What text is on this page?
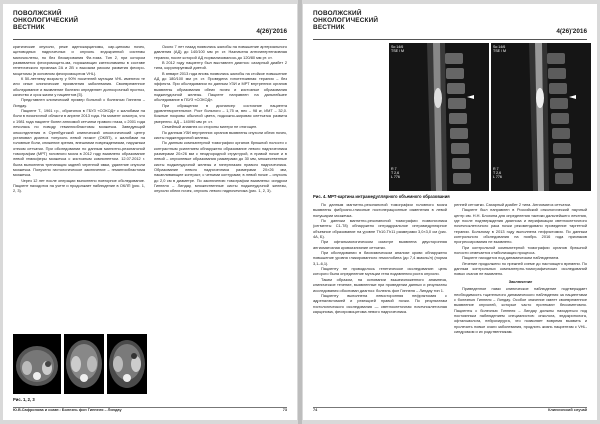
ПОВОЛЖСКИЙ
ОНКОЛОГИЧЕСКИЙ
ВЕСТНИК
4(26)'2016

кратические опухоли, реже аденокарциномы, кар-циномы почек, щитовидных надпочечных и опухоль эндокринной системы малочислены, но без блокирования Фи-тома. Тип 2, при котором развивается феохромоцито-ма, поражающих катехоламины в составе генетического признака 2А и 2В с высоким риском развития феохро-моцитомы (в основном феохромоцитом VHL).

К 50-летнему возрасту у 90% носителей мутации VHL имеются те или иные клинические проявления заболевания. Своевременное обследование и выявление болезни определяет долгосрочный прогноз, качество и срок жизни у пациентов [5].

Представлен клинический пример больной с болезнью Гиппеля – Линдау.

Пациент Т., 1961 г.р., обратился в ГБУЗ «СОКОД» с жалобами на боли в поясничной области в апреле 2013 года. На момент осмотра, что с 1981 года пациент болел ангиомой сетчатки правого глаза, с 2001 года лечилась по поводу гемангиобластомы мозжечка. Заведующий онкоотделения в Оренбургский клинический онкологический центр установил диагноз «опухоль левой почки» (ОКЛП), с жалобами на головные боли, снижение зрения, внешними повреждениями, наружным отеком сетчатки. При обследовании по данным магнитно-резонансной томографии (МРТ) головного мозга в 2012 году выявлено образование левой гемисферы мозжечка с кистозным компонентом. 12.07.2012 г. была выполнена трепанация задней черепной ямки, удаление опухоли мозжечка. Получено гистологическое заключение – гемангиобластома мозжечка.

Через 12 лет после операции выполнено повторное обследование. Пациент находится на учете и продолжает наблюдение в ОКЛП (рис. 1, 2, 3).

Около 7 лет назад появились жалобы на повышение артериального давления (АД) до 140/100 мм рт. ст. Назначена антигипертензивная терапия, после которой АД нормализовалось до 120/80 мм рт. ст.

В 2012 году пациенту был выставлен диагноз: сахарный диабет 2 типа, корригируемый диетой.

В январе 2013 года вновь появились жалобы на стойкое повышение АД до 180/100 мм рт. ст. Проведена гипотензивная терапия – без эффекта. При обследовании по данным УЗИ и МРТ внутренних органов выявлены образования обеих почек и кистозные образования поджелудочной железы. Пациент направлен на дальнейшее обследование в ГБУЗ «СОКОД».

При обращении в диспансер состояние пациента удовлетворительное. Рост больного – 1,75 м, вес – 98 кг, ИМТ – 32,0. Кожные покровы обычной цвета, подкожно-жировая клетчатка развита умеренно. АД – 140/90 мм рт. ст.

Семейный анамнез со стороны матери не отягощен.

По данным УЗИ внутренних органов выявлены опухоли обеих почек, кисты поджелудочной железы.

По данным компьютерной томографии органов брюшной полости с контрастным усилением обнаружено образование левого надпочечника размерами 20×26 мм с неоднородной структурой, в правой почке и в левой – опухолевые образования размерами до 30 мм, множественные кисты поджелудочной железы и гиперплазия правого надпочечника. Образование левого надпочечника размерами 20×26 мм, накапливающее контраст, с четкими контурами; в левой почке – опухоль до 2,0 см в диаметре. По заключению томографии выявлены: синдром Гиппеля – Линдау, множественные кисты поджелудочной железы, опухоли обеих почек, опухоль левого надпочечника (рис. 1, 2, 3).

Рис. 1, 2, 3
Ю.В.Сафронова и соавт.: Болезнь фон Гиппеля – Линдау	73
ПОВОЛЖСКИЙ
ОНКОЛОГИЧЕСКИЙ
ВЕСТНИК
4(26)'2016
Sc:14/6
TSE / M
R 7
T 2,6
L 776
Sc:14/6
TSE / M
R 7
T 2,6
L 776
Рис. 4. МРТ-картина интрамедуллярного объемного образования

По данным магнитно-резонансной томографии головного мозга выявлены фиброзно-глиозные постоперационные изменения в левой полушарии мозжечка.

По данным магнитно-резонансной томографии позвоночника (сегменты C1-Т8) обнаружено интрадуральное интрамедуллярное объемное образование на уровне Th10-Th11 размерами 3,0×3,0 см (рис. 4А, Б).

При офтальмологическом осмотре выявлена двусторонняя ангиоматозная кровоизлияние сетчатки.

При обследовании в биохимическом анализе крови обнаружено повышение уровня гликированного гемоглобина (до 7,4 ммоль/л) (норма 3,1–6,1).

Пациенту не проводилось генетическое исследование: цель которого была определение мутации гена подавления роста опухоли.

Таким образом, на основании вышеизложенного анамнеза, клиническое течение, выявленные при проведении данных и результаты исследования обоснован диагноз: болезнь фон Гиппеля – Линдау тип 1.

Пациенту выполнена левосторонняя нефрэктомия с адреналэктомией и резекцией правой почки. По результатам гистологического исследования — светлоклеточная почечноклеточная карцинома, феохромоцитома левого надпочечника.

ренней сетчатки. Сахарный диабет 2 типа. Ангиоматоз сетчатки.

Пациент был направлен в Российский онкологический научный центр им. Н.Н. Блохина для определения тактики дальнейшего лечения, где после подтверждения диагноза и верификации светлоклеточного почечноклеточного рака почки рекомендовано проведение таргетной терапии. Больному в 2013 году выполнена нефрэктомия. По данным контрольного обследования на ноябрь 2016 года признаков прогрессирования не выявлено.

При контрольной компьютерной томографии органов брюшной полости отмечается стабилизация процесса.

Пациент находится под динамическим наблюдением.

Лечение продолжено по прежней схеме до настоящего времени. По данным контрольных компьютерно-томографических исследований новых очагов не выявлено.

Заключение

Приведенное нами клиническое наблюдение подтверждает необходимость тщательного динамического наблюдения за пациентами с болезнью Гиппеля – Линдау. Особое значение имеет своевременное выявление опухолей, которые часто протекают бессимптомно. Пациенты с болезнью Гиппеля – Линдау должны находиться под постоянным наблюдением специалистов: онколога, эндокринолога, офтальмолога, нейрохирурга, что позволяет вовремя выявить и пролечить новые очаги заболевания, продлить жизнь пациентам с VHL-синдромом и их родственникам.

74	Клинический случай
